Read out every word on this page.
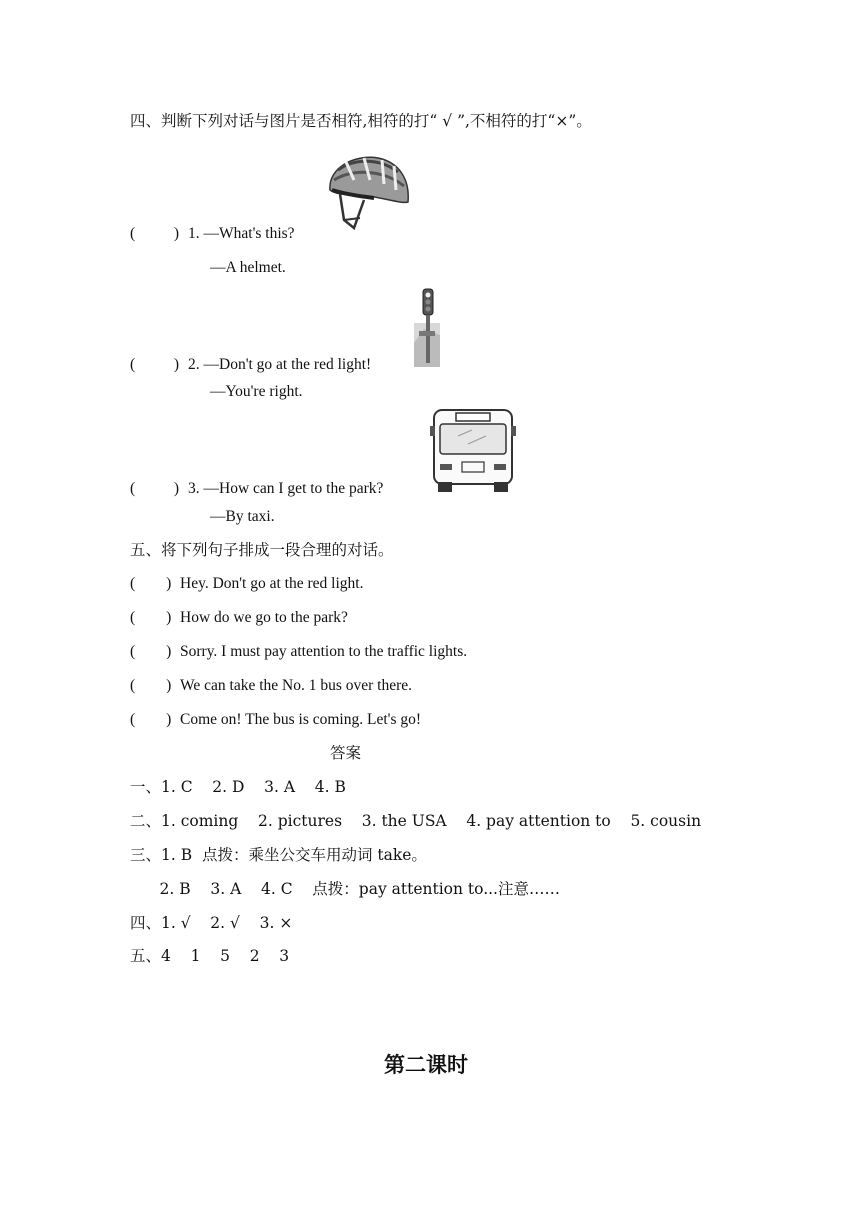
四、判断下列对话与图片是否相符,相符的打“ √ ”,不相符的打“×”。
(          ) 1. —What's this?
—A helmet.
(          ) 2. —Don't go at the red light!
—You're right.
(          ) 3. —How can I get to the park?
—By taxi.
五、将下列句子排成一段合理的对话。
(        ) Hey. Don't go at the red light.
(        ) How do we go to the park?
(        ) Sorry. I must pay attention to the traffic lights.
(        ) We can take the No. 1 bus over there.
(        ) Come on! The bus is coming. Let's go!
答案
一、1. C    2. D    3. A    4. B
二、1. coming    2. pictures    3. the USA    4. pay attention to    5. cousin
三、1. B  点拨：乘坐公交车用动词 take。
2. B    3. A    4. C    点拨：pay attention to...注意……
四、1. √    2. √    3. ×
五、4    1    5    2    3
第二课时
